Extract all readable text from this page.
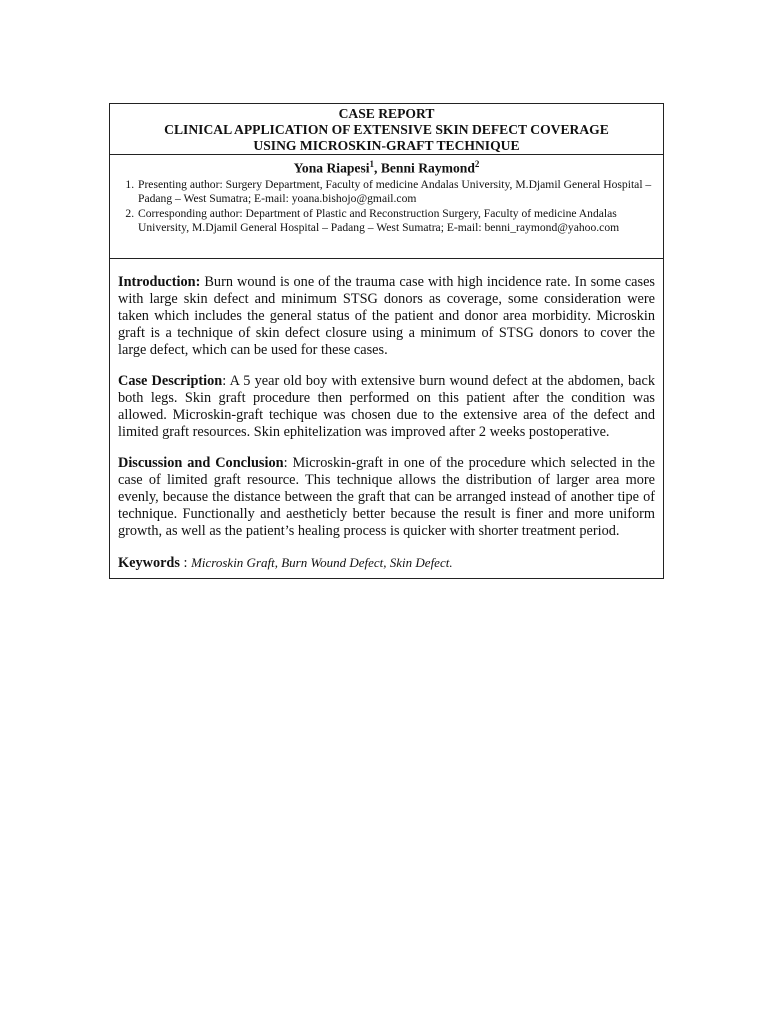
CASE REPORT

CLINICAL APPLICATION OF EXTENSIVE SKIN DEFECT COVERAGE

USING MICROSKIN-GRAFT TECHNIQUE

Yona Riapesi$^1$, Benni Raymond$^2$
1. Presenting author: Surgery Department, Faculty of medicine Andalas University, M.Djamil General Hospital – Padang – West Sumatra; E-mail: yoana.bishojo@gmail.com
2. Corresponding author: Department of Plastic and Reconstruction Surgery, Faculty of medicine Andalas University, M.Djamil General Hospital – Padang – West Sumatra; E-mail: benni_raymond@yahoo.com

Introduction: Burn wound is one of the trauma case with high incidence rate. In some cases with large skin defect and minimum STSG donors as coverage, some consideration were taken which includes the general status of the patient and donor area morbidity. Microskin graft is a technique of skin defect closure using a minimum of STSG donors to cover the large defect, which can be used for these cases.

Case Description: A 5 year old boy with extensive burn wound defect at the abdomen, back both legs. Skin graft procedure then performed on this patient after the condition was allowed. Microskin-graft techique was chosen due to the extensive area of the defect and limited graft resources. Skin ephitelization was improved after 2 weeks postoperative.

Discussion and Conclusion: Microskin-graft in one of the procedure which selected in the case of limited graft resource. This technique allows the distribution of larger area more evenly, because the distance between the graft that can be arranged instead of another tipe of technique. Functionally and aestheticly better because the result is finer and more uniform growth, as well as the patient’s healing process is quicker with shorter treatment period.

Keywords : Microskin Graft, Burn Wound Defect, Skin Defect.
